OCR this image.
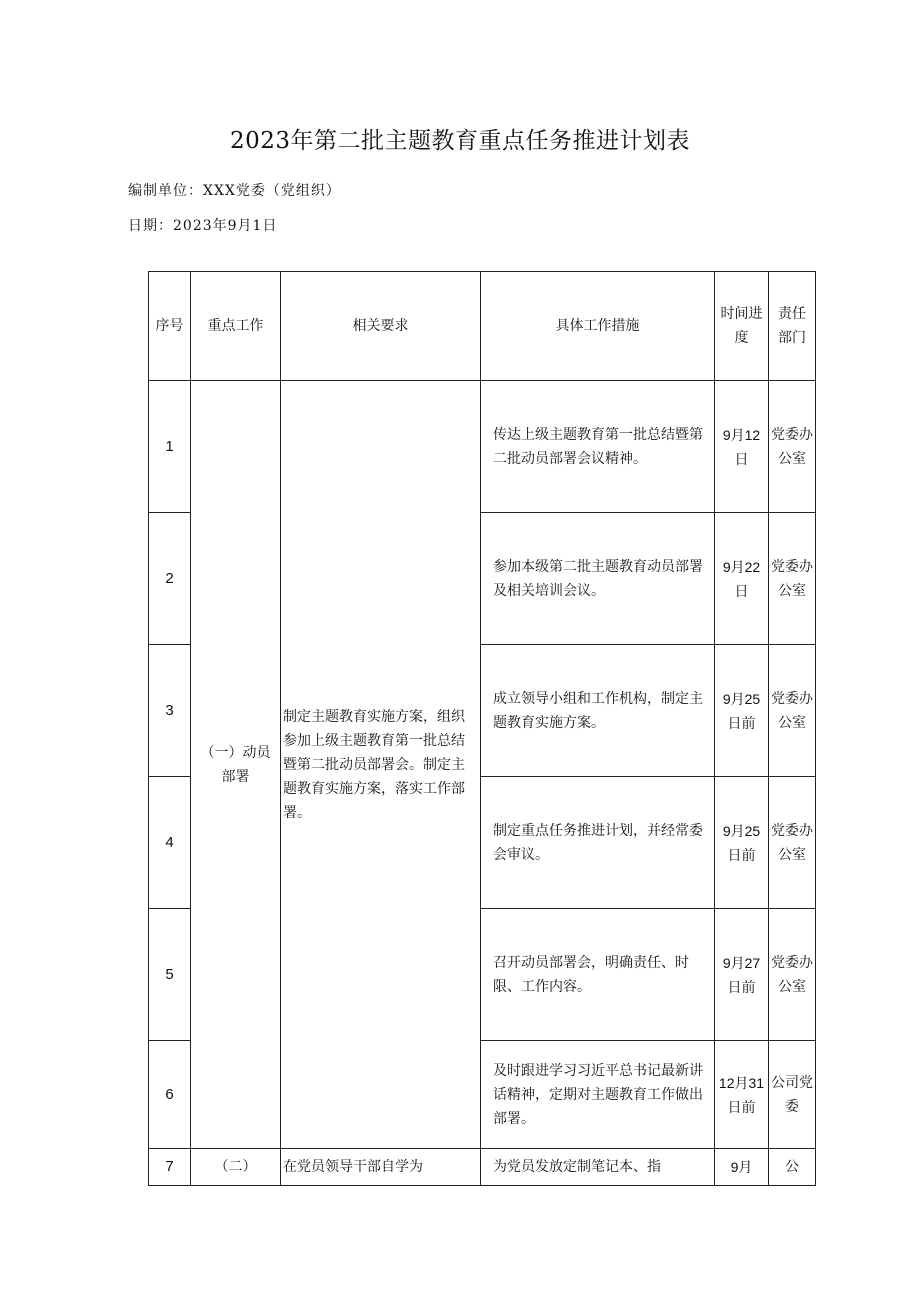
2023年第二批主题教育重点任务推进计划表
编制单位：XXX党委（党组织）
日期：2023年9月1日
序号	重点工作	相关要求	具体工作措施	时间进度	责任部门
1	（一）动员部署	制定主题教育实施方案，组织参加上级主题教育第一批总结暨第二批动员部署会。制定主题教育实施方案，落实工作部署。	传达上级主题教育第一批总结暨第二批动员部署会议精神。	9月12日	党委办公室
2			参加本级第二批主题教育动员部署及相关培训会议。	9月22日	党委办公室
3			成立领导小组和工作机构，制定主题教育实施方案。	9月25日前	党委办公室
4			制定重点任务推进计划，并经常委会审议。	9月25日前	党委办公室
5			召开动员部署会，明确责任、时限、工作内容。	9月27日前	党委办公室
6			及时跟进学习习近平总书记最新讲话精神，定期对主题教育工作做出部署。	12月31日前	公司党委
7	（二）	在党员领导干部自学为	为党员发放定制笔记本、指	9月	公
